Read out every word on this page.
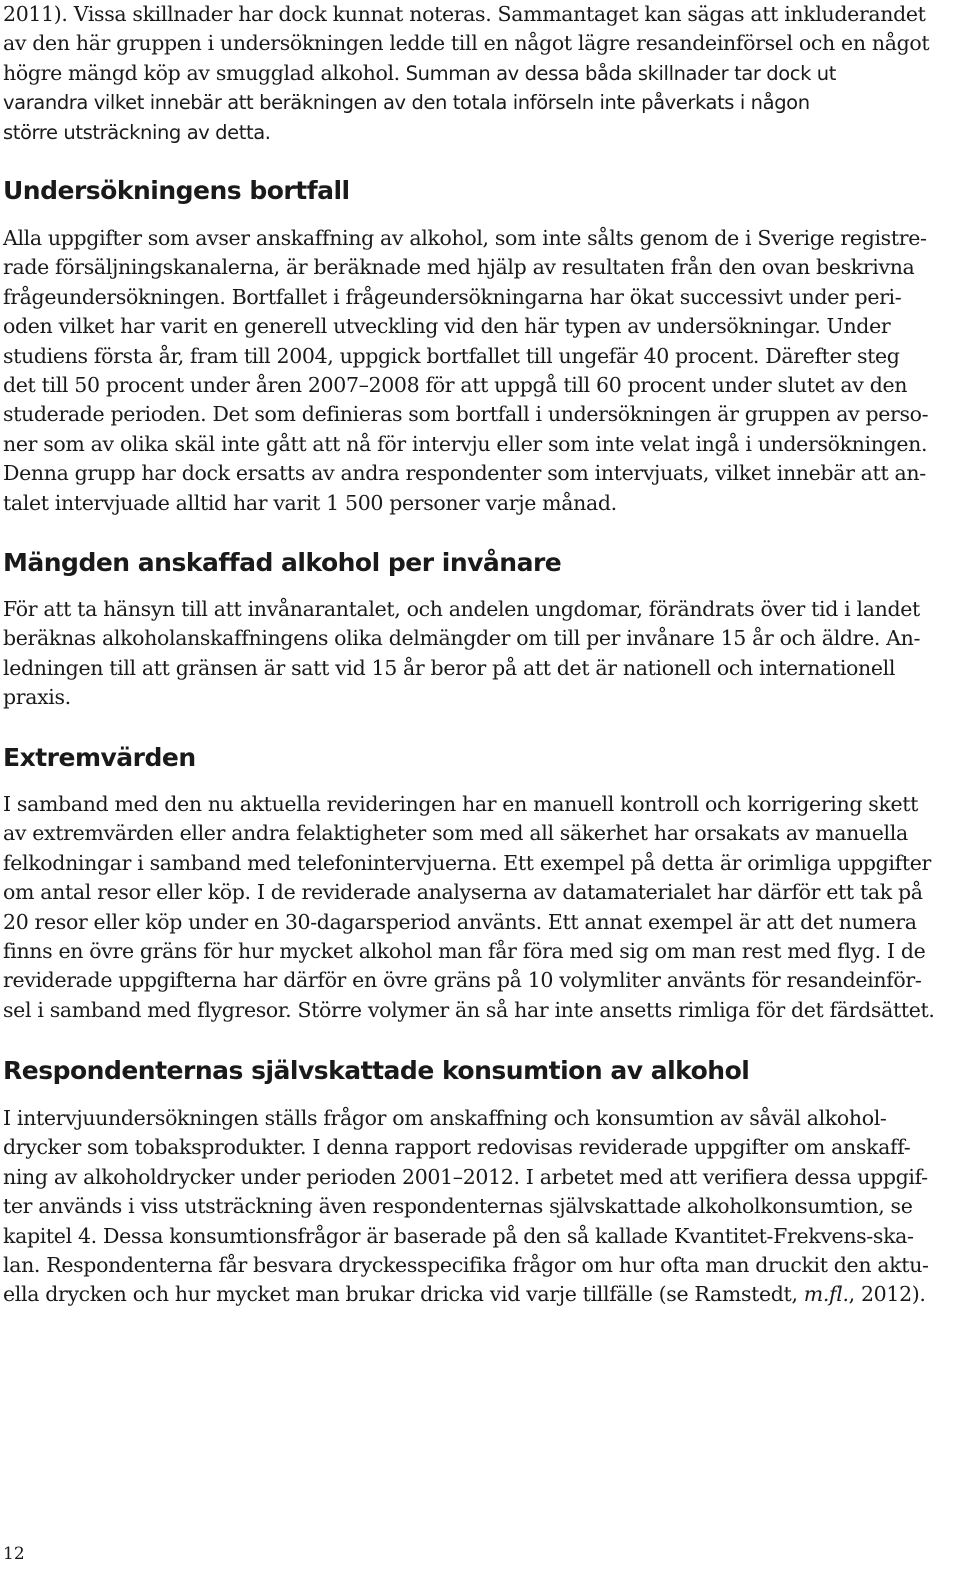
2011). Vissa skillnader har dock kunnat noteras. Sammantaget kan sägas att inkluderandet
av den här gruppen i undersökningen ledde till en något lägre resandeinförsel och en något
högre mängd köp av smugglad alkohol. Summan av dessa båda skillnader tar dock ut
varandra vilket innebär att beräkningen av den totala införseln inte påverkats i någon
större utsträckning av detta.
Undersökningens bortfall
Alla uppgifter som avser anskaffning av alkohol, som inte sålts genom de i Sverige registre-
rade försäljningskanalerna, är beräknade med hjälp av resultaten från den ovan beskrivna
frågeundersökningen. Bortfallet i frågeundersökningarna har ökat successivt under peri-
oden vilket har varit en generell utveckling vid den här typen av undersökningar. Under
studiens första år, fram till 2004, uppgick bortfallet till ungefär 40 procent. Därefter steg
det till 50 procent under åren 2007–2008 för att uppgå till 60 procent under slutet av den
studerade perioden. Det som definieras som bortfall i undersökningen är gruppen av perso-
ner som av olika skäl inte gått att nå för intervju eller som inte velat ingå i undersökningen.
Denna grupp har dock ersatts av andra respondenter som intervjuats, vilket innebär att an-
talet intervjuade alltid har varit 1 500 personer varje månad.
Mängden anskaffad alkohol per invånare
För att ta hänsyn till att invånarantalet, och andelen ungdomar, förändrats över tid i landet
beräknas alkoholanskaffningens olika delmängder om till per invånare 15 år och äldre. An-
ledningen till att gränsen är satt vid 15 år beror på att det är nationell och internationell
praxis.
Extremvärden
I samband med den nu aktuella revideringen har en manuell kontroll och korrigering skett
av extremvärden eller andra felaktigheter som med all säkerhet har orsakats av manuella
felkodningar i samband med telefonintervjuerna. Ett exempel på detta är orimliga uppgifter
om antal resor eller köp. I de reviderade analyserna av datamaterialet har därför ett tak på
20 resor eller köp under en 30-dagarsperiod använts. Ett annat exempel är att det numera
finns en övre gräns för hur mycket alkohol man får föra med sig om man rest med flyg. I de
reviderade uppgifterna har därför en övre gräns på 10 volymliter använts för resandeinför-
sel i samband med flygresor. Större volymer än så har inte ansetts rimliga för det färdsättet.
Respondenternas självskattade konsumtion av alkohol
I intervjuundersökningen ställs frågor om anskaffning och konsumtion av såväl alkohol-
drycker som tobaksprodukter. I denna rapport redovisas reviderade uppgifter om anskaff-
ning av alkoholdrycker under perioden 2001–2012. I arbetet med att verifiera dessa uppgif-
ter används i viss utsträckning även respondenternas självskattade alkoholkonsumtion, se
kapitel 4. Dessa konsumtionsfrågor är baserade på den så kallade Kvantitet-Frekvens-ska-
lan. Respondenterna får besvara dryckesspecifika frågor om hur ofta man druckit den aktu-
ella drycken och hur mycket man brukar dricka vid varje tillfälle (se Ramstedt, m.fl., 2012).
12
